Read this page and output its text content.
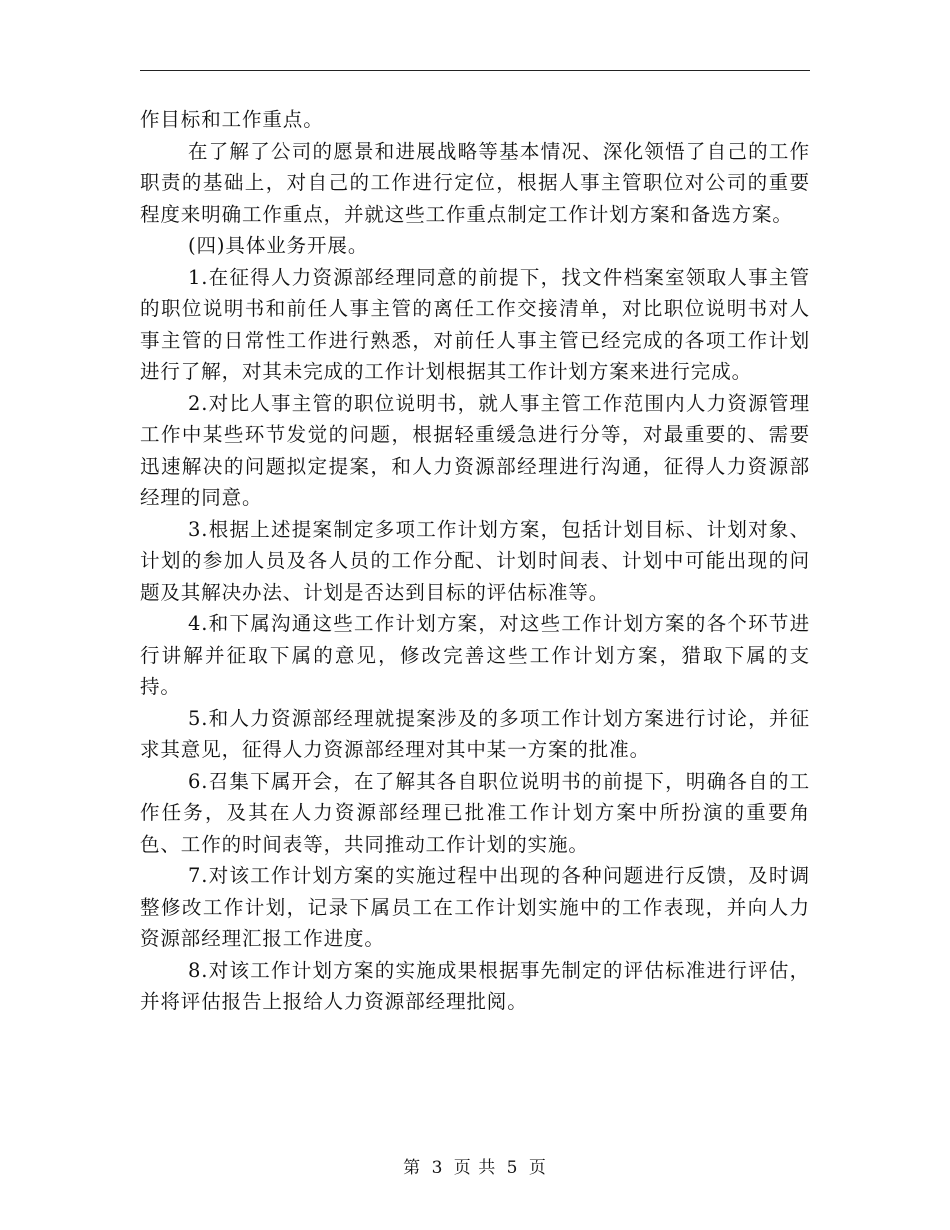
作目标和工作重点。

在了解了公司的愿景和进展战略等基本情况、深化领悟了自己的工作职责的基础上，对自己的工作进行定位，根据人事主管职位对公司的重要程度来明确工作重点，并就这些工作重点制定工作计划方案和备选方案。

(四)具体业务开展。

1.在征得人力资源部经理同意的前提下，找文件档案室领取人事主管的职位说明书和前任人事主管的离任工作交接清单，对比职位说明书对人事主管的日常性工作进行熟悉，对前任人事主管已经完成的各项工作计划进行了解，对其未完成的工作计划根据其工作计划方案来进行完成。

2.对比人事主管的职位说明书，就人事主管工作范围内人力资源管理工作中某些环节发觉的问题，根据轻重缓急进行分等，对最重要的、需要迅速解决的问题拟定提案，和人力资源部经理进行沟通，征得人力资源部经理的同意。

3.根据上述提案制定多项工作计划方案，包括计划目标、计划对象、计划的参加人员及各人员的工作分配、计划时间表、计划中可能出现的问题及其解决办法、计划是否达到目标的评估标准等。

4.和下属沟通这些工作计划方案，对这些工作计划方案的各个环节进行讲解并征取下属的意见，修改完善这些工作计划方案，猎取下属的支持。

5.和人力资源部经理就提案涉及的多项工作计划方案进行讨论，并征求其意见，征得人力资源部经理对其中某一方案的批准。

6.召集下属开会，在了解其各自职位说明书的前提下，明确各自的工作任务，及其在人力资源部经理已批准工作计划方案中所扮演的重要角色、工作的时间表等，共同推动工作计划的实施。

7.对该工作计划方案的实施过程中出现的各种问题进行反馈，及时调整修改工作计划，记录下属员工在工作计划实施中的工作表现，并向人力资源部经理汇报工作进度。

8.对该工作计划方案的实施成果根据事先制定的评估标准进行评估，并将评估报告上报给人力资源部经理批阅。

第 3 页 共 5 页
